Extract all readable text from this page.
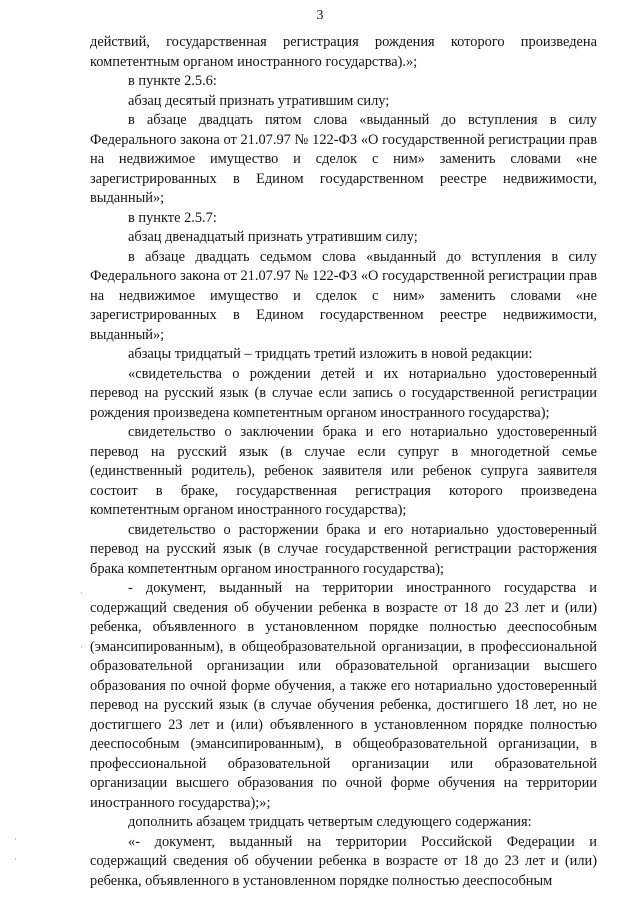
3

действий, государственная регистрация рождения которого произведена компетентным органом иностранного государства).»;

в пункте 2.5.6:

абзац десятый признать утратившим силу;

в абзаце двадцать пятом слова «выданный до вступления в силу Федерального закона от 21.07.97 № 122-ФЗ «О государственной регистрации прав на недвижимое имущество и сделок с ним» заменить словами «не зарегистрированных в Едином государственном реестре недвижимости, выданный»;

в пункте 2.5.7:

абзац двенадцатый признать утратившим силу;

в абзаце двадцать седьмом слова «выданный до вступления в силу Федерального закона от 21.07.97 № 122-ФЗ «О государственной регистрации прав на недвижимое имущество и сделок с ним» заменить словами «не зарегистрированных в Едином государственном реестре недвижимости, выданный»;

абзацы тридцатый – тридцать третий изложить в новой редакции:

«свидетельства о рождении детей и их нотариально удостоверенный перевод на русский язык (в случае если запись о государственной регистрации рождения произведена компетентным органом иностранного государства);

свидетельство о заключении брака и его нотариально удостоверенный перевод на русский язык (в случае если супруг в многодетной семье (единственный родитель), ребенок заявителя или ребенок супруга заявителя состоит в браке, государственная регистрация которого произведена компетентным органом иностранного государства);

свидетельство о расторжении брака и его нотариально удостоверенный перевод на русский язык (в случае государственной регистрации расторжения брака компетентным органом иностранного государства);

- документ, выданный на территории иностранного государства и содержащий сведения об обучении ребенка в возрасте от 18 до 23 лет и (или) ребенка, объявленного в установленном порядке полностью дееспособным (эмансипированным), в общеобразовательной организации, в профессиональной образовательной организации или образовательной организации высшего образования по очной форме обучения, а также его нотариально удостоверенный перевод на русский язык (в случае обучения ребенка, достигшего 18 лет, но не достигшего 23 лет и (или) объявленного в установленном порядке полностью дееспособным (эмансипированным), в общеобразовательной организации, в профессиональной образовательной организации или образовательной организации высшего образования по очной форме обучения на территории иностранного государства);»;

дополнить абзацем тридцать четвертым следующего содержания:

«- документ, выданный на территории Российской Федерации и содержащий сведения об обучении ребенка в возрасте от 18 до 23 лет и (или) ребенка, объявленного в установленном порядке полностью дееспособным

·
·
·
·
